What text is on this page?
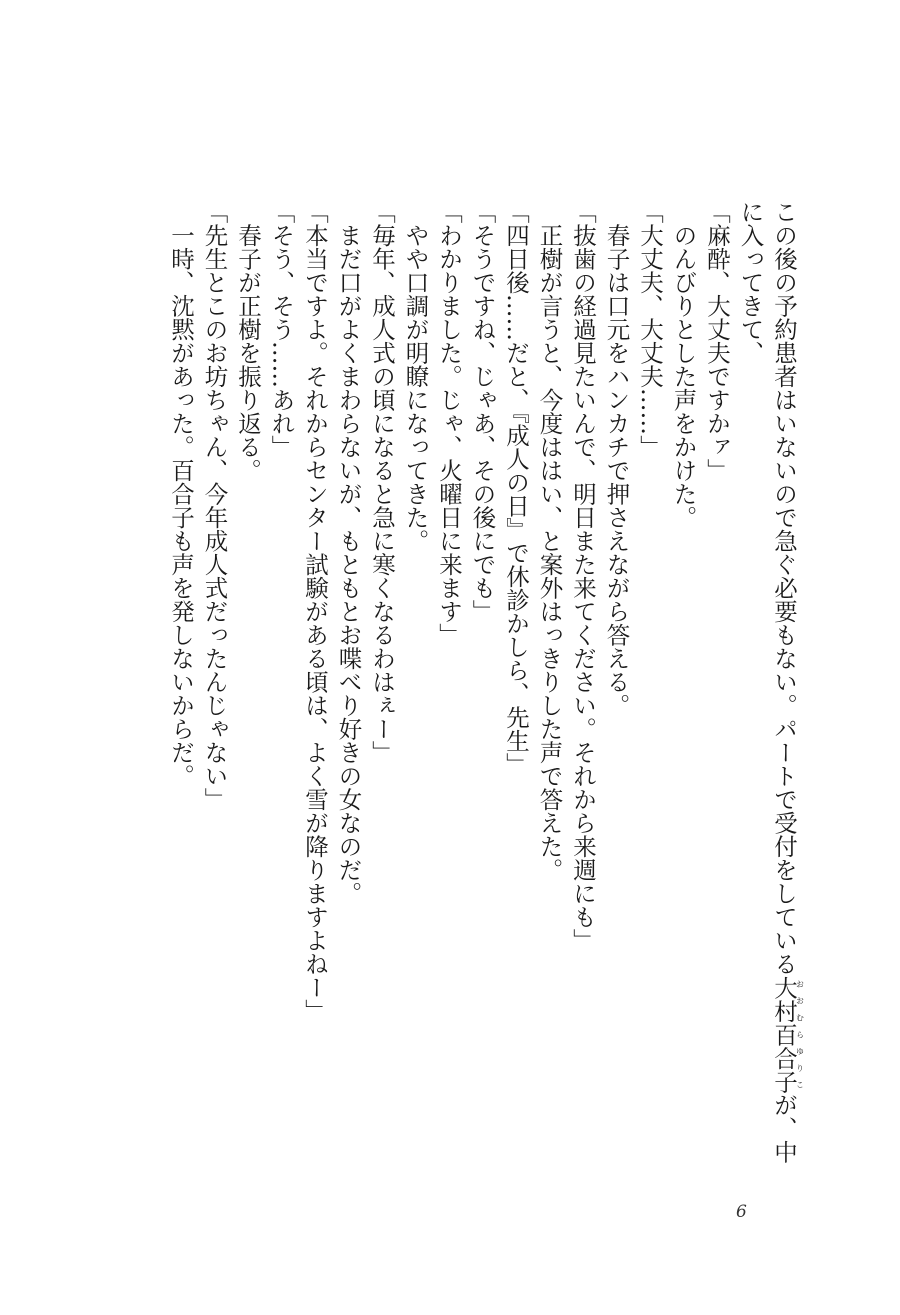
この後の予約患者はいないので急ぐ必要もない。パートで受付をしている大村百合子おおむらゆりこが、中
に入ってきて、
「麻酔、大丈夫ですかァ」
　のんびりとした声をかけた。
「大丈夫、大丈夫……」
　春子は口元をハンカチで押さえながら答える。
「抜歯の経過見たいんで、明日また来てください。それから来週にも」
　正樹が言うと、今度ははい、と案外はっきりした声で答えた。
「四日後……だと、『成人の日』で休診かしら、先生」
「そうですね、じゃあ、その後にでも」
「わかりました。じゃ、火曜日に来ます」
　やや口調が明瞭になってきた。
「毎年、成人式の頃になると急に寒くなるわはぇー」
　まだ口がよくまわらないが、もともとお喋べり好きの女なのだ。
「本当ですよ。それからセンター試験がある頃は、よく雪が降りますよねー」
「そう、そう……あれ」
　春子が正樹を振り返る。
「先生とこのお坊ちゃん、今年成人式だったんじゃない」
　一時、沈黙があった。百合子も声を発しないからだ。
6
